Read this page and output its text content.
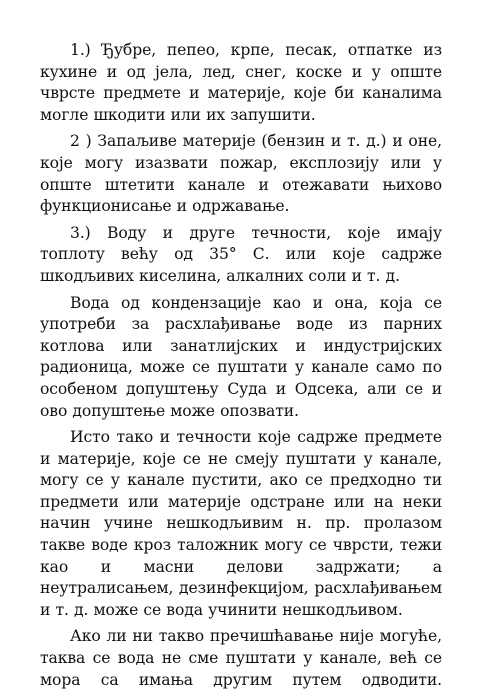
1.) Ђубре, пепео, крпе, песак, отпатке из кухине и од јела, лед, снег, коске и у опште чврсте предмете и материје, које би каналима могле шкодити или их запушити.

2 ) Запаљиве материје (бензин и т. д.) и оне, које могу изазвати пожар, експлозију или у опште штетити канале и отежавати њихово функционисање и одржавање.

3.) Воду и друге течности, које имају топлоту већу од 35° С. или које садрже шкодљивих киселина, алкалних соли и т. д.

Вода од кондензације као и она, која се употреби за расхлађивање воде из парних котлова или занатлијских и индустријских радионица, може се пуштати у канале само по особеном допуштењу Суда и Одсека, али се и ово допуштење може опозвати.

Исто тако и течности које садрже предмете и материје, које се не смеју пуштати у канале, могу се у канале пустити, ако се предходно ти предмети или материје одстране или на неки начин учине нешкодљивим н. пр. пролазом такве воде кроз таложник могу се чврсти, тежи као и масни делови задржати; а неутралисањем, дезинфекцијом, расхлађивањем и т. д. може се вода учинити нешкодљивом.

Ако ли ни такво пречишћавање није могуће, таква се вода не сме пуштати у канале, већ се мора са имања другим путем одводити.
